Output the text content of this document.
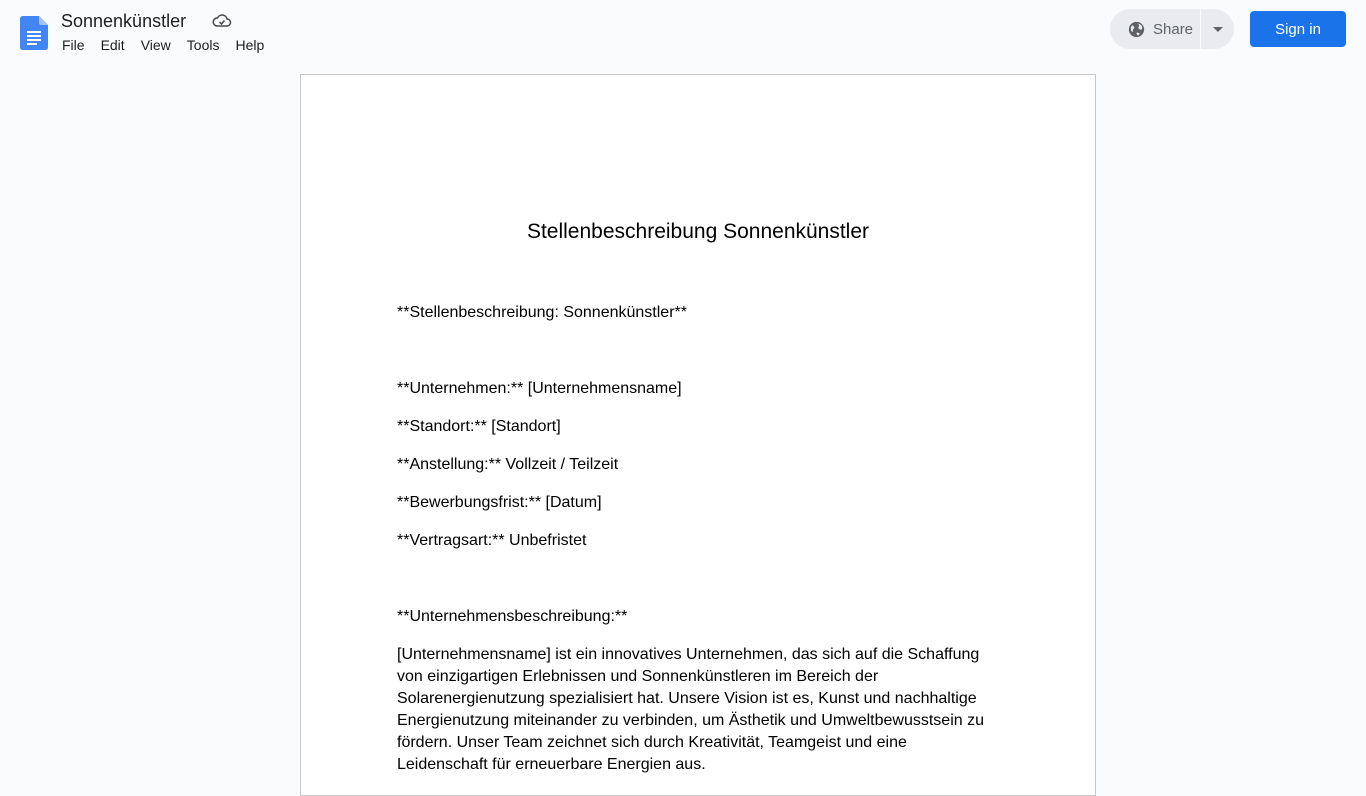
Sonnenkünstler
File Edit View Tools Help
Share	Sign in
Stellenbeschreibung Sonnenkünstler
**Stellenbeschreibung: Sonnenkünstler**
**Unternehmen:** [Unternehmensname]
**Standort:** [Standort]
**Anstellung:** Vollzeit / Teilzeit
**Bewerbungsfrist:** [Datum]
**Vertragsart:** Unbefristet
**Unternehmensbeschreibung:**
[Unternehmensname] ist ein innovatives Unternehmen, das sich auf die Schaffung von einzigartigen Erlebnissen und Sonnenkünstleren im Bereich der Solarenergienutzung spezialisiert hat. Unsere Vision ist es, Kunst und nachhaltige Energienutzung miteinander zu verbinden, um Ästhetik und Umweltbewusstsein zu fördern. Unser Team zeichnet sich durch Kreativität, Teamgeist und eine Leidenschaft für erneuerbare Energien aus.
